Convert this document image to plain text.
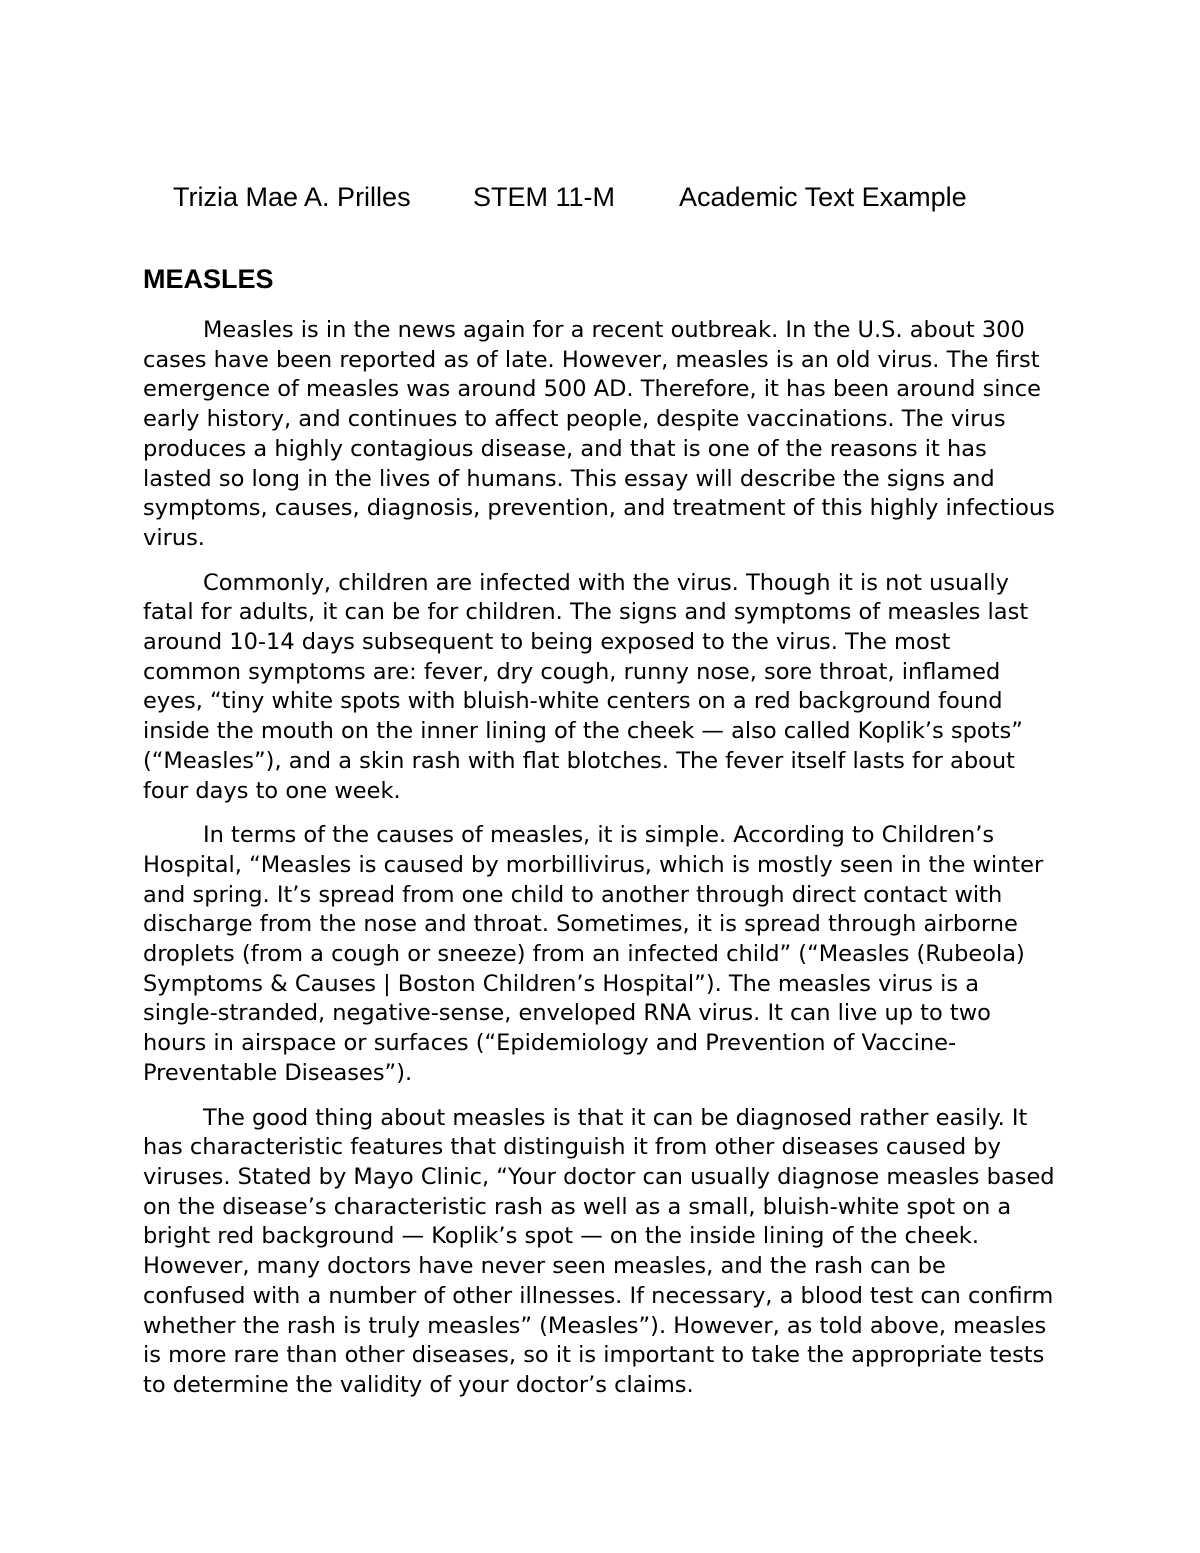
Trizia Mae A. Prilles STEM 11-M Academic Text Example

MEASLES

Measles is in the news again for a recent outbreak. In the U.S. about 300 cases have been reported as of late. However, measles is an old virus. The first emergence of measles was around 500 AD. Therefore, it has been around since early history, and continues to affect people, despite vaccinations. The virus produces a highly contagious disease, and that is one of the reasons it has lasted so long in the lives of humans. This essay will describe the signs and symptoms, causes, diagnosis, prevention, and treatment of this highly infectious virus.

Commonly, children are infected with the virus. Though it is not usually fatal for adults, it can be for children. The signs and symptoms of measles last around 10-14 days subsequent to being exposed to the virus. The most common symptoms are: fever, dry cough, runny nose, sore throat, inflamed eyes, “tiny white spots with bluish-white centers on a red background found inside the mouth on the inner lining of the cheek — also called Koplik’s spots” (“Measles”), and a skin rash with flat blotches. The fever itself lasts for about four days to one week.

In terms of the causes of measles, it is simple. According to Children’s Hospital, “Measles is caused by morbillivirus, which is mostly seen in the winter and spring. It’s spread from one child to another through direct contact with discharge from the nose and throat. Sometimes, it is spread through airborne droplets (from a cough or sneeze) from an infected child” (“Measles (Rubeola) Symptoms & Causes | Boston Children’s Hospital”). The measles virus is a single-stranded, negative-sense, enveloped RNA virus. It can live up to two hours in airspace or surfaces (“Epidemiology and Prevention of Vaccine-Preventable Diseases”).

The good thing about measles is that it can be diagnosed rather easily. It has characteristic features that distinguish it from other diseases caused by viruses. Stated by Mayo Clinic, “Your doctor can usually diagnose measles based on the disease’s characteristic rash as well as a small, bluish-white spot on a bright red background — Koplik’s spot — on the inside lining of the cheek. However, many doctors have never seen measles, and the rash can be confused with a number of other illnesses. If necessary, a blood test can confirm whether the rash is truly measles” (Measles”). However, as told above, measles is more rare than other diseases, so it is important to take the appropriate tests to determine the validity of your doctor’s claims.
